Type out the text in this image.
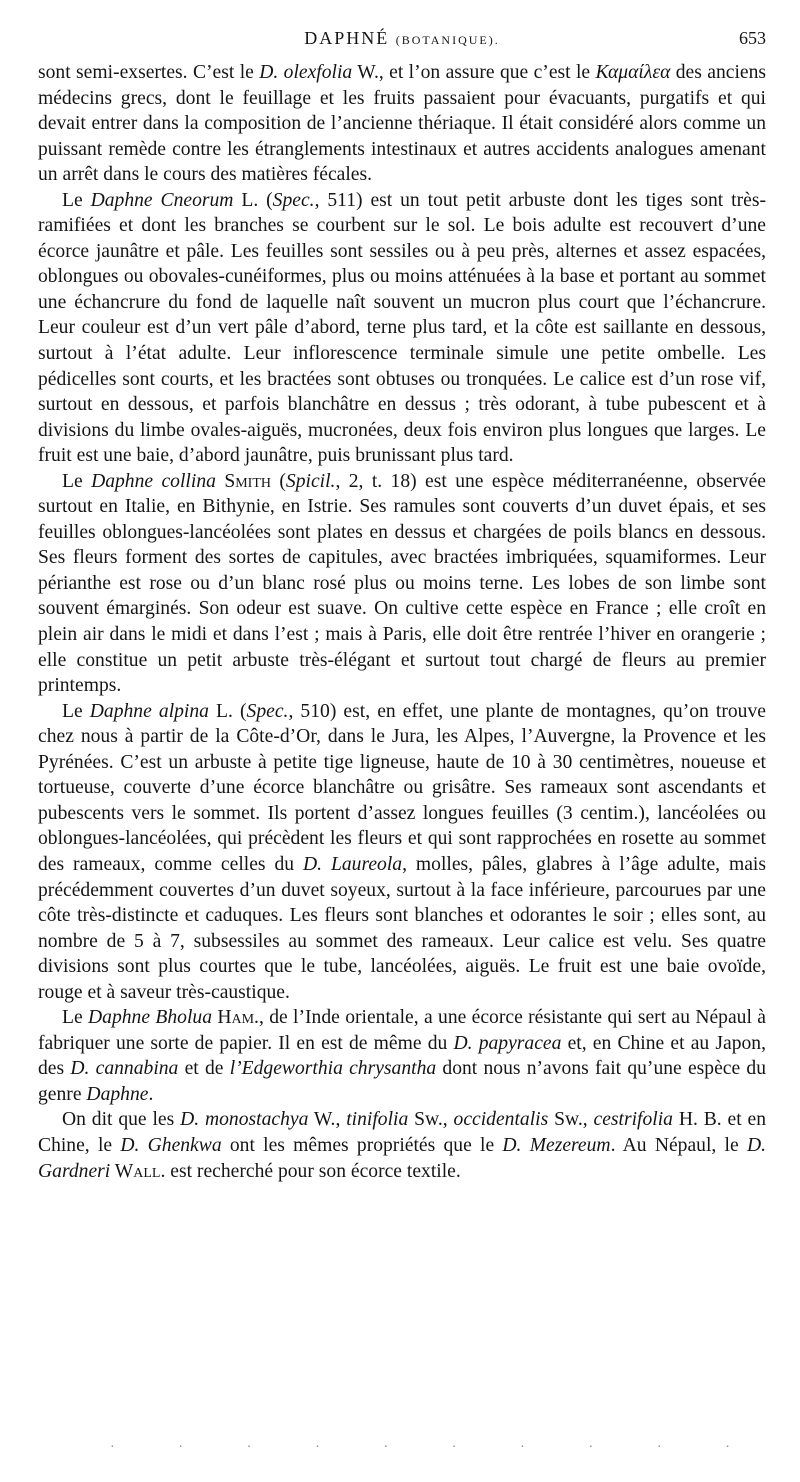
DAPHNÉ (BOTANIQUE).	653

sont semi-exsertes. C’est le D. olexfolia W., et l’on assure que c’est le Καμαίλεα des anciens médecins grecs, dont le feuillage et les fruits passaient pour évacuants, purgatifs et qui devait entrer dans la composition de l’ancienne thériaque. Il était considéré alors comme un puissant remède contre les étranglements intestinaux et autres accidents analogues amenant un arrêt dans le cours des matières fécales.

Le Daphne Cneorum L. (Spec., 511) est un tout petit arbuste dont les tiges sont très-ramifiées et dont les branches se courbent sur le sol. Le bois adulte est recouvert d’une écorce jaunâtre et pâle. Les feuilles sont sessiles ou à peu près, alternes et assez espacées, oblongues ou obovales-cunéiformes, plus ou moins atténuées à la base et portant au sommet une échancrure du fond de laquelle naît souvent un mucron plus court que l’échancrure. Leur couleur est d’un vert pâle d’abord, terne plus tard, et la côte est saillante en dessous, surtout à l’état adulte. Leur inflorescence terminale simule une petite ombelle. Les pédicelles sont courts, et les bractées sont obtuses ou tronquées. Le calice est d’un rose vif, surtout en dessous, et parfois blanchâtre en dessus ; très odorant, à tube pubescent et à divisions du limbe ovales-aiguës, mucronées, deux fois environ plus longues que larges. Le fruit est une baie, d’abord jaunâtre, puis brunissant plus tard.

Le Daphne collina Smith (Spicil., 2, t. 18) est une espèce méditerranéenne, observée surtout en Italie, en Bithynie, en Istrie. Ses ramules sont couverts d’un duvet épais, et ses feuilles oblongues-lancéolées sont plates en dessus et chargées de poils blancs en dessous. Ses fleurs forment des sortes de capitules, avec bractées imbriquées, squamiformes. Leur périanthe est rose ou d’un blanc rosé plus ou moins terne. Les lobes de son limbe sont souvent émarginés. Son odeur est suave. On cultive cette espèce en France ; elle croît en plein air dans le midi et dans l’est ; mais à Paris, elle doit être rentrée l’hiver en orangerie ; elle constitue un petit arbuste très-élégant et surtout tout chargé de fleurs au premier printemps.

Le Daphne alpina L. (Spec., 510) est, en effet, une plante de montagnes, qu’on trouve chez nous à partir de la Côte-d’Or, dans le Jura, les Alpes, l’Auvergne, la Provence et les Pyrénées. C’est un arbuste à petite tige ligneuse, haute de 10 à 30 centimètres, noueuse et tortueuse, couverte d’une écorce blanchâtre ou grisâtre. Ses rameaux sont ascendants et pubescents vers le sommet. Ils portent d’assez longues feuilles (3 centim.), lancéolées ou oblongues-lancéolées, qui précèdent les fleurs et qui sont rapprochées en rosette au sommet des rameaux, comme celles du D. Laureola, molles, pâles, glabres à l’âge adulte, mais précédemment couvertes d’un duvet soyeux, surtout à la face inférieure, parcourues par une côte très-distincte et caduques. Les fleurs sont blanches et odorantes le soir ; elles sont, au nombre de 5 à 7, subsessiles au sommet des rameaux. Leur calice est velu. Ses quatre divisions sont plus courtes que le tube, lancéolées, aiguës. Le fruit est une baie ovoïde, rouge et à saveur très-caustique.

Le Daphne Bholua Ham., de l’Inde orientale, a une écorce résistante qui sert au Népaul à fabriquer une sorte de papier. Il en est de même du D. papyracea et, en Chine et au Japon, des D. cannabina et de l’Edgeworthia chrysantha dont nous n’avons fait qu’une espèce du genre Daphne.

On dit que les D. monostachya W., tinifolia Sw., occidentalis Sw., cestrifolia H. B. et en Chine, le D. Ghenkwa ont les mêmes propriétés que le D. Mezereum. Au Népaul, le D. Gardneri Wall. est recherché pour son écorce textile.

·	·	·	·	·	·	·	·	·	·
